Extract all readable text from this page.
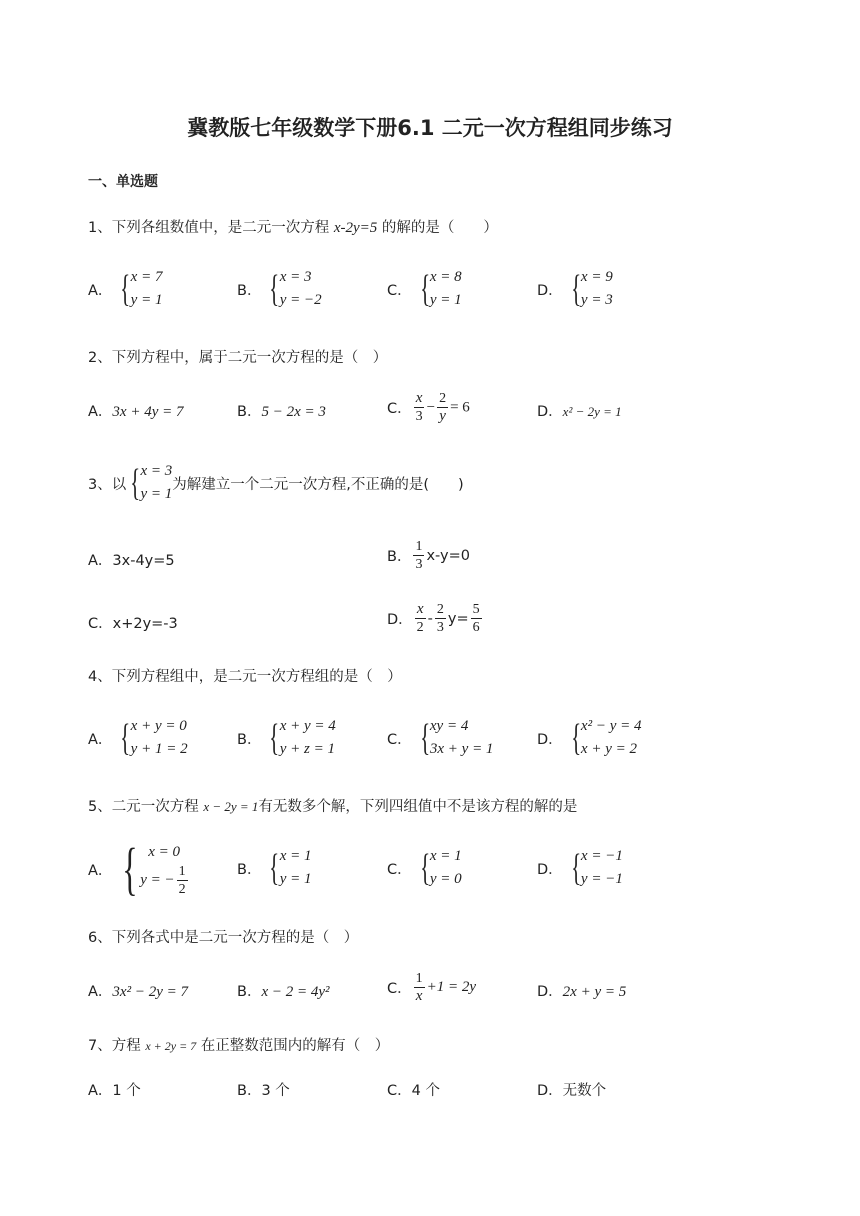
冀教版七年级数学下册6.1 二元一次方程组同步练习
一、单选题
1、下列各组数值中，是二元一次方程 x-2y=5 的解的是（　　）
A． { x = 7
y = 1
B． { x = 3
y = −2
C． { x = 8
y = 1
D． { x = 9
y = 3
2、下列方程中，属于二元一次方程的是（　）
A．3x + 4y = 7	B．5 − 2x = 3	C． $\frac{x}{3} - \frac{2}{y} = 6$	D．x² − 2y = 1
3、以 { x = 3
y = 1
为解建立一个二元一次方程,不正确的是(　　)
A．3x-4y=5	B． $\frac{1}{3} x-y=0$
C．x+2y=-3	D． $\frac{x}{2} - \frac{2}{3} y= \frac{5}{6}$
4、下列方程组中，是二元一次方程组的是（　）
A． { x + y = 0
y + 1 = 2
B． { x + y = 4
y + z = 1
C． { xy = 4
3x + y = 1
D． { x² − y = 4
x + y = 2
5、二元一次方程 x − 2y = 1有无数多个解，下列四组值中不是该方程的解的是
A． { x = 0
y = − $\frac{1}{2}$	B． { x = 1
y = 1
C． { x = 1
y = 0
D． { x = −1
y = −1
6、下列各式中是二元一次方程的是（　）
A．3x² − 2y = 7	B．x − 2 = 4y²	C． $\frac{1}{x} +1 = 2y$	D．2x + y = 5
7、方程 x + 2y = 7 在正整数范围内的解有（　）
A．1 个	B．3 个	C．4 个	D．无数个
